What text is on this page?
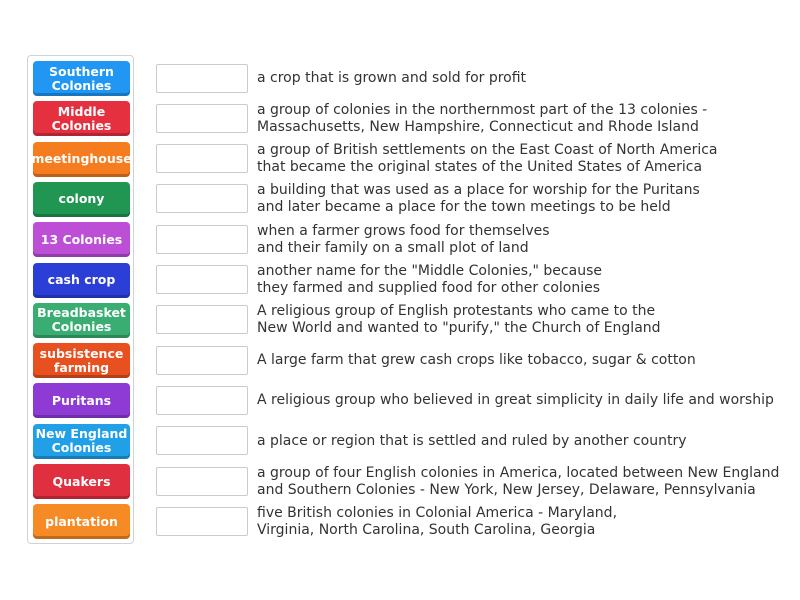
Southern
Colonies
Middle
Colonies
meetinghouse
colony
13 Colonies
cash crop
Breadbasket
Colonies
subsistence
farming
Puritans
New England
Colonies
Quakers
plantation
a crop that is grown and sold for profit
a group of colonies in the northernmost part of the 13 colonies -
Massachusetts, New Hampshire, Connecticut and Rhode Island
a group of British settlements on the East Coast of North America
that became the original states of the United States of America
a building that was used as a place for worship for the Puritans
and later became a place for the town meetings to be held
when a farmer grows food for themselves
and their family on a small plot of land
another name for the "Middle Colonies," because
they farmed and supplied food for other colonies
A religious group of English protestants who came to the
New World and wanted to "purify," the Church of England
A large farm that grew cash crops like tobacco, sugar & cotton
A religious group who believed in great simplicity in daily life and worship
a place or region that is settled and ruled by another country
a group of four English colonies in America, located between New England
and Southern Colonies - New York, New Jersey, Delaware, Pennsylvania
five British colonies in Colonial America - Maryland,
Virginia, North Carolina, South Carolina, Georgia
